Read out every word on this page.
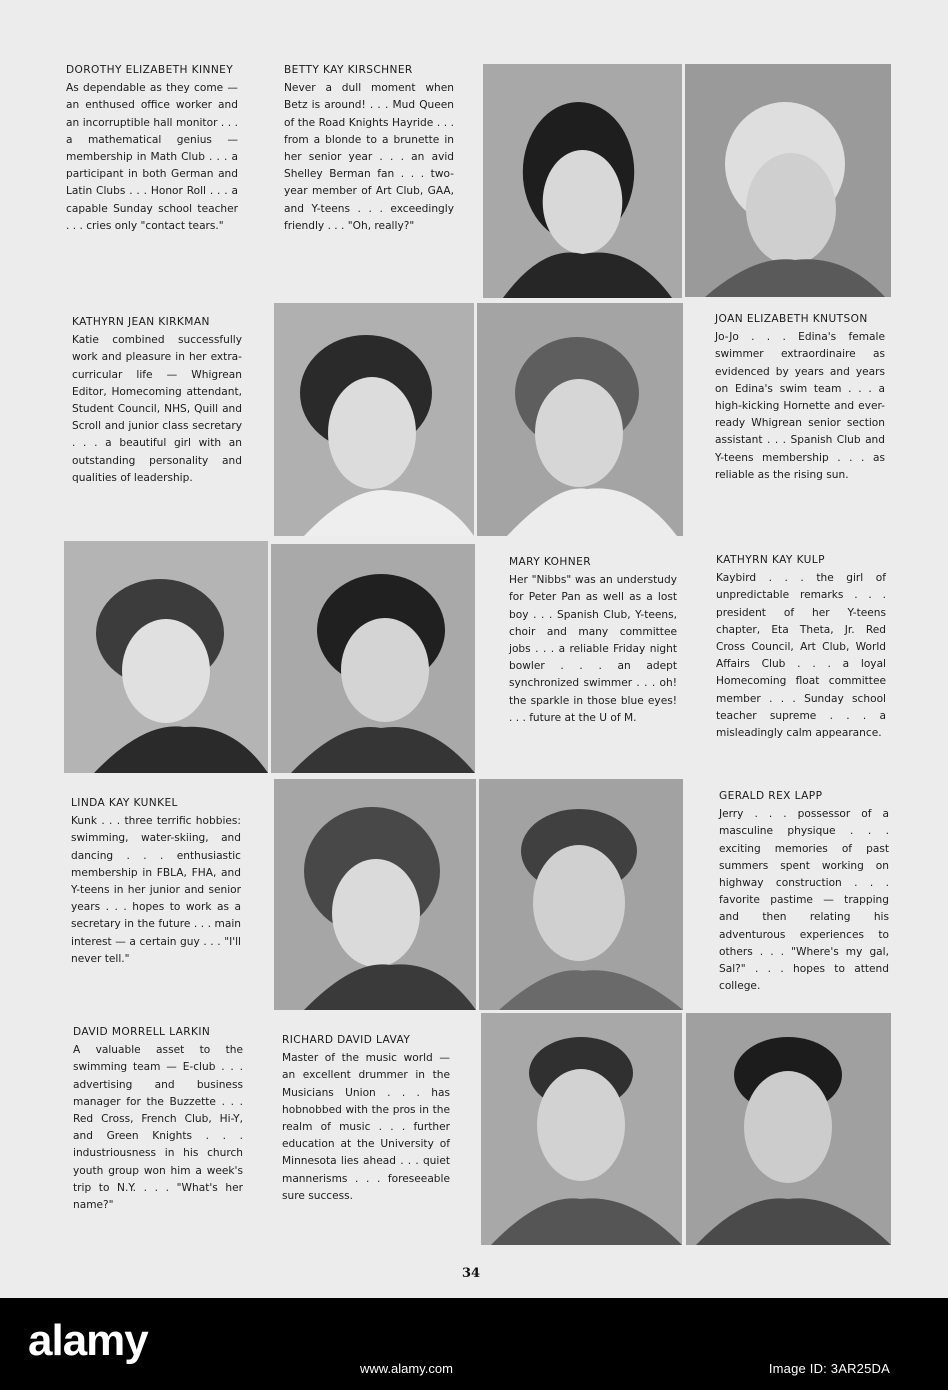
DOROTHY ELIZABETH KINNEY
As dependable as they come — an enthused office worker and an incorruptible hall monitor . . . a mathematical genius — membership in Math Club . . . a participant in both German and Latin Clubs . . . Honor Roll . . . a capable Sunday school teacher . . . cries only "contact tears."
BETTY KAY KIRSCHNER
Never a dull moment when Betz is around! . . . Mud Queen of the Road Knights Hayride . . . from a blonde to a brunette in her senior year . . . an avid Shelley Berman fan . . . two-year member of Art Club, GAA, and Y-teens . . . exceedingly friendly . . . "Oh, really?"
KATHYRN JEAN KIRKMAN
Katie combined successfully work and pleasure in her extra-curricular life — Whigrean Editor, Homecoming attendant, Student Council, NHS, Quill and Scroll and junior class secretary . . . a beautiful girl with an outstanding personality and qualities of leadership.
JOAN ELIZABETH KNUTSON
Jo-Jo . . . Edina's female swimmer extraordinaire as evidenced by years and years on Edina's swim team . . . a high-kicking Hornette and ever-ready Whigrean senior section assistant . . . Spanish Club and Y-teens membership . . . as reliable as the rising sun.
MARY KOHNER
Her "Nibbs" was an understudy for Peter Pan as well as a lost boy . . . Spanish Club, Y-teens, choir and many committee jobs . . . a reliable Friday night bowler . . . an adept synchronized swimmer . . . oh! the sparkle in those blue eyes! . . . future at the U of M.
KATHYRN KAY KULP
Kaybird . . . the girl of unpredictable remarks . . . president of her Y-teens chapter, Eta Theta, Jr. Red Cross Council, Art Club, World Affairs Club . . . a loyal Homecoming float committee member . . . Sunday school teacher supreme . . . a misleadingly calm appearance.
LINDA KAY KUNKEL
Kunk . . . three terrific hobbies: swimming, water-skiing, and dancing . . . enthusiastic membership in FBLA, FHA, and Y-teens in her junior and senior years . . . hopes to work as a secretary in the future . . . main interest — a certain guy . . . "I'll never tell."
GERALD REX LAPP
Jerry . . . possessor of a masculine physique . . . exciting memories of past summers spent working on highway construction . . . favorite pastime — trapping and then relating his adventurous experiences to others . . . "Where's my gal, Sal?" . . . hopes to attend college.
DAVID MORRELL LARKIN
A valuable asset to the swimming team — E-club . . . advertising and business manager for the Buzzette . . . Red Cross, French Club, Hi-Y, and Green Knights . . . industriousness in his church youth group won him a week's trip to N.Y. . . . "What's her name?"
RICHARD DAVID LAVAY
Master of the music world — an excellent drummer in the Musicians Union . . . has hobnobbed with the pros in the realm of music . . . further education at the University of Minnesota lies ahead . . . quiet mannerisms . . . foreseeable sure success.
34
alamy
www.alamy.com	Image ID: 3AR25DA
